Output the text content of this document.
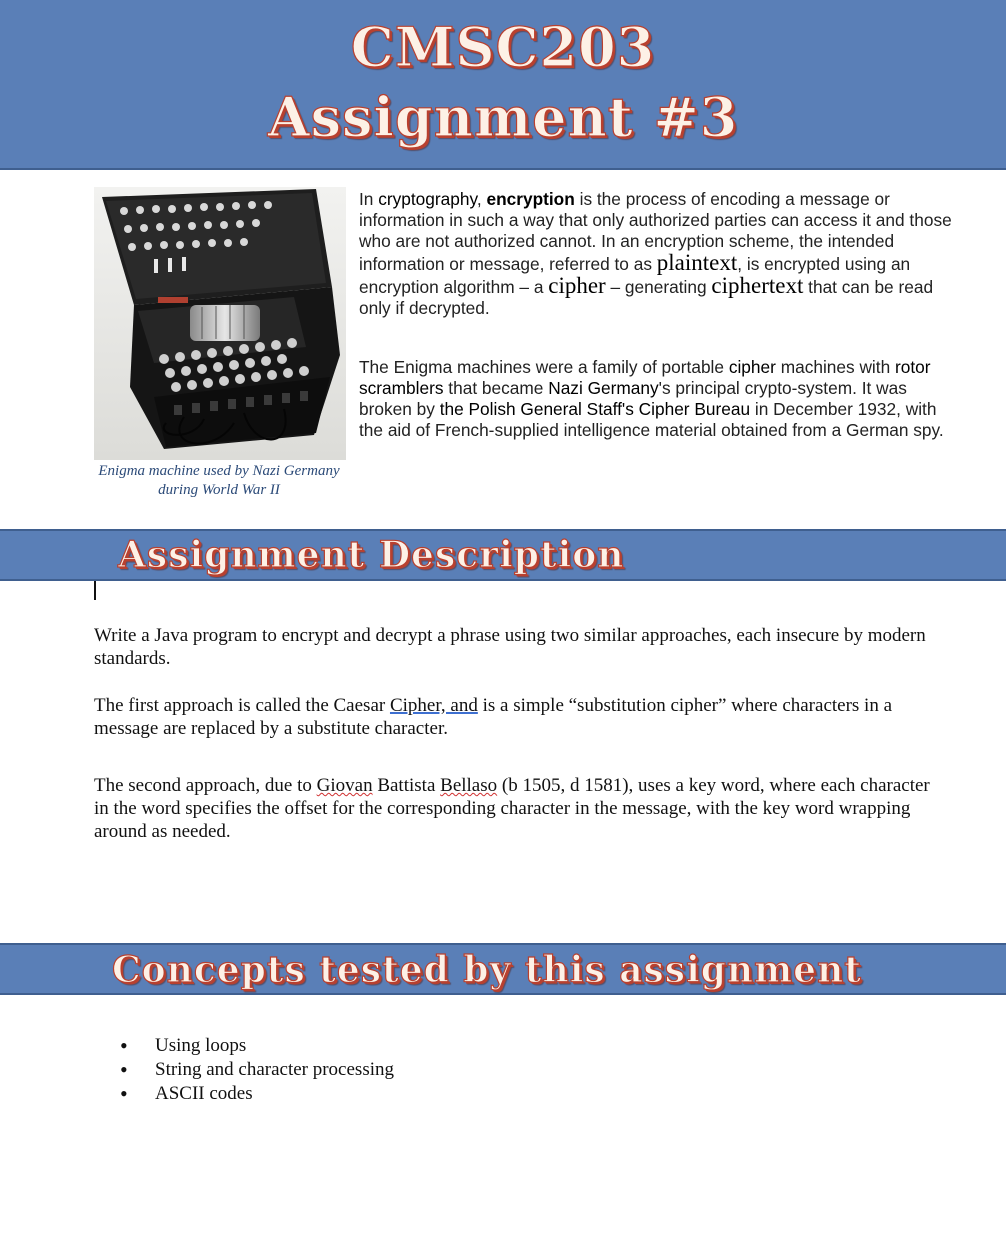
CMSC203
Assignment #3
Enigma machine used by Nazi Germany
during World War II
In cryptography, encryption is the process of encoding a message or information in such a way that only authorized parties can access it and those who are not authorized cannot. In an encryption scheme, the intended information or message, referred to as plaintext, is encrypted using an encryption algorithm – a cipher – generating ciphertext that can be read only if decrypted.
The Enigma machines were a family of portable cipher machines with rotor scramblers that became Nazi Germany's principal crypto-system. It was broken by the Polish General Staff's Cipher Bureau in December 1932, with the aid of French-supplied intelligence material obtained from a German spy.
Assignment Description
Write a Java program to encrypt and decrypt a phrase using two similar approaches, each insecure by modern standards.
The first approach is called the Caesar Cipher, and is a simple “substitution cipher” where characters in a message are replaced by a substitute character.
The second approach, due to Giovan Battista Bellaso (b 1505, d 1581), uses a key word, where each character in the word specifies the offset for the corresponding character in the message, with the key word wrapping around as needed.
Concepts tested by this assignment
• Using loops
• String and character processing
• ASCII codes
